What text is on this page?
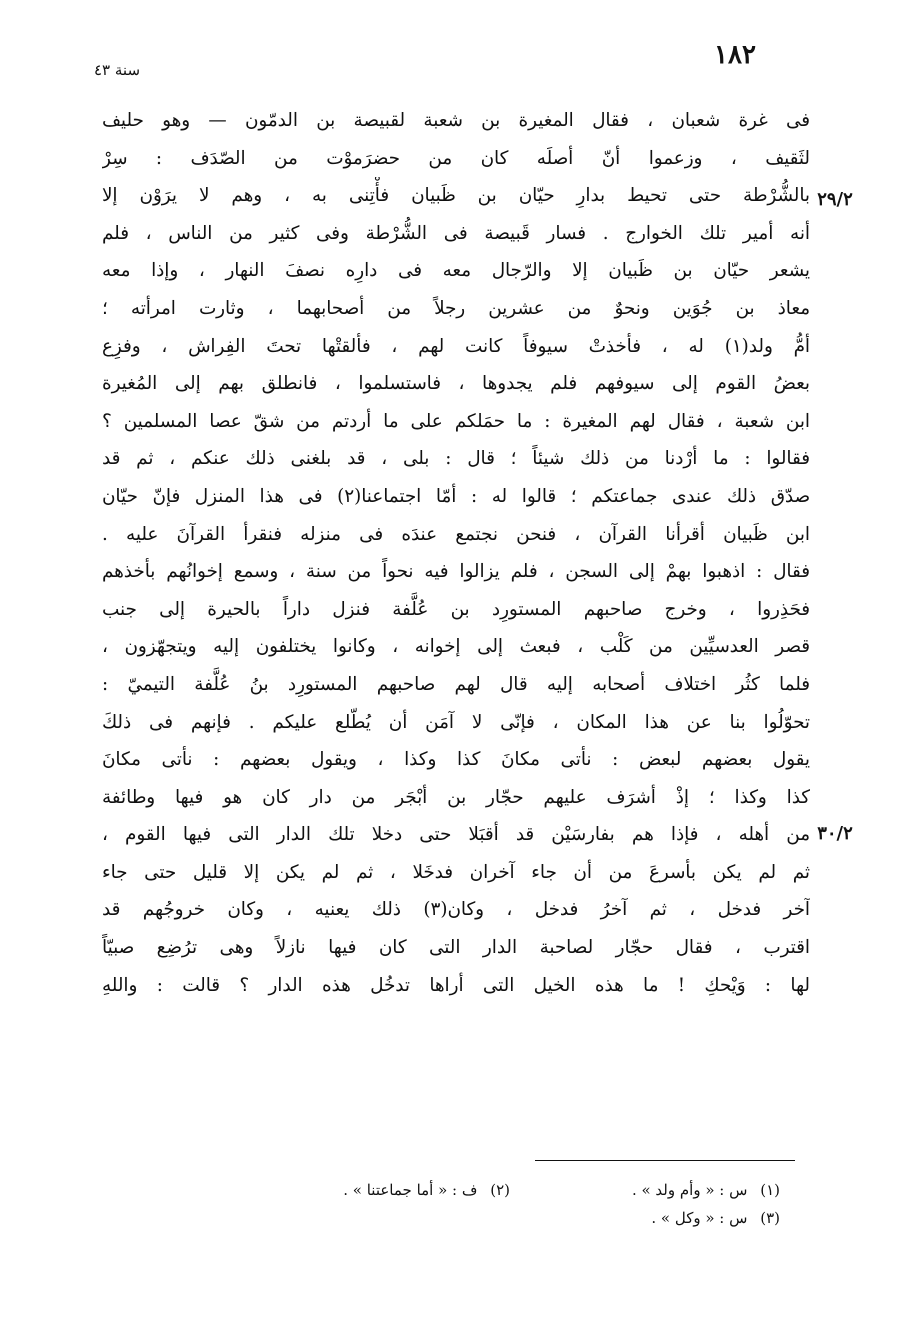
١٨٢
سنة ٤٣
٢٩/٢
٣٠/٢
فى غرة شعبان ، فقال المغيرة بن شعبة لقبيصة بن الدمّون — وهو حليف
لثَقيف ، وزعموا أنّ أصلَه كان من حضرَموْت من الصّدَف : سِرْ
بالشُّرْطة حتى تحيط بدارِ حيّان بن ظَبيان فأْتِنى به ، وهم لا يرَوْن إلا
أنه أمير تلك الخوارج . فسار قَبيصة فى الشُّرْطة وفى كثير من الناس ، فلم
يشعر حيّان بن ظَبيان إلا والرّجال معه فى دارِه نصفَ النهار ، وإذا معه
معاذ بن جُوَين ونحوٌ من عشرين رجلاً من أصحابهما ، وثارت امرأته ؛
أمُّ ولد(١) له ، فأخذتْ سيوفاً كانت لهم ، فألقتْها تحتَ الفِراش ، وفزِع
بعضُ القوم إلى سيوفهم فلم يجدوها ، فاستسلموا ، فانطلق بهم إلى المُغيرة
ابن شعبة ، فقال لهم المغيرة : ما حمَلكم على ما أردتم من شقّ عصا المسلمين ؟
فقالوا : ما أرْدنا من ذلك شيئاً ؛ قال : بلى ، قد بلغنى ذلك عنكم ، ثم قد
صدّق ذلك عندى جماعتكم ؛ قالوا له : أمّا اجتماعنا(٢) فى هذا المنزل فإنّ حيّان
ابن ظَبيان أقرأنا القرآن ، فنحن نجتمع عندَه فى منزله فنقرأ القرآنَ عليه .
فقال : اذهبوا بهمْ إلى السجن ، فلم يزالوا فيه نحواً من سنة ، وسمع إخوانُهم بأخذهم
فحَذِروا ، وخرج صاحبهم المستورِد بن عُلَّفة فنزل داراً بالحيرة إلى جنب
قصر العدسيِّين من كَلْب ، فبعث إلى إخوانه ، وكانوا يختلفون إليه ويتجهّزون ،
فلما كثُر اختلاف أصحابه إليه قال لهم صاحبهم المستورِد بنُ عُلَّفة التيميّ :
تحوّلُوا بنا عن هذا المكان ، فإنّى لا آمَن أن يُطّلع عليكم . فإنهم فى ذلكَ
يقول بعضهم لبعض : نأتى مكانَ كذا وكذا ، ويقول بعضهم : نأتى مكانَ
كذا وكذا ؛ إذْ أشرَف عليهم حجّار بن أبْجَر من دار كان هو فيها وطائفة
من أهله ، فإذا هم بفارسَيْن قد أقبَلا حتى دخلا تلك الدار التى فيها القوم ،
ثم لم يكن بأسرعَ من أن جاء آخران فدخَلا ، ثم لم يكن إلا قليل حتى جاء
آخر فدخل ، ثم آخرُ فدخل ، وكان(٣) ذلك يعنيه ، وكان خروجُهم قد
اقترب ، فقال حجّار لصاحبة الدار التى كان فيها نازلاً وهى ترُضِع صبيّاً
لها : وَيْحكِ ! ما هذه الخيل التى أراها تدخُل هذه الدار ؟ قالت : واللهِ
(١) س : « وأم ولد » .
(٢) ف : « أما جماعتنا » .
(٣) س : « وكل » .
